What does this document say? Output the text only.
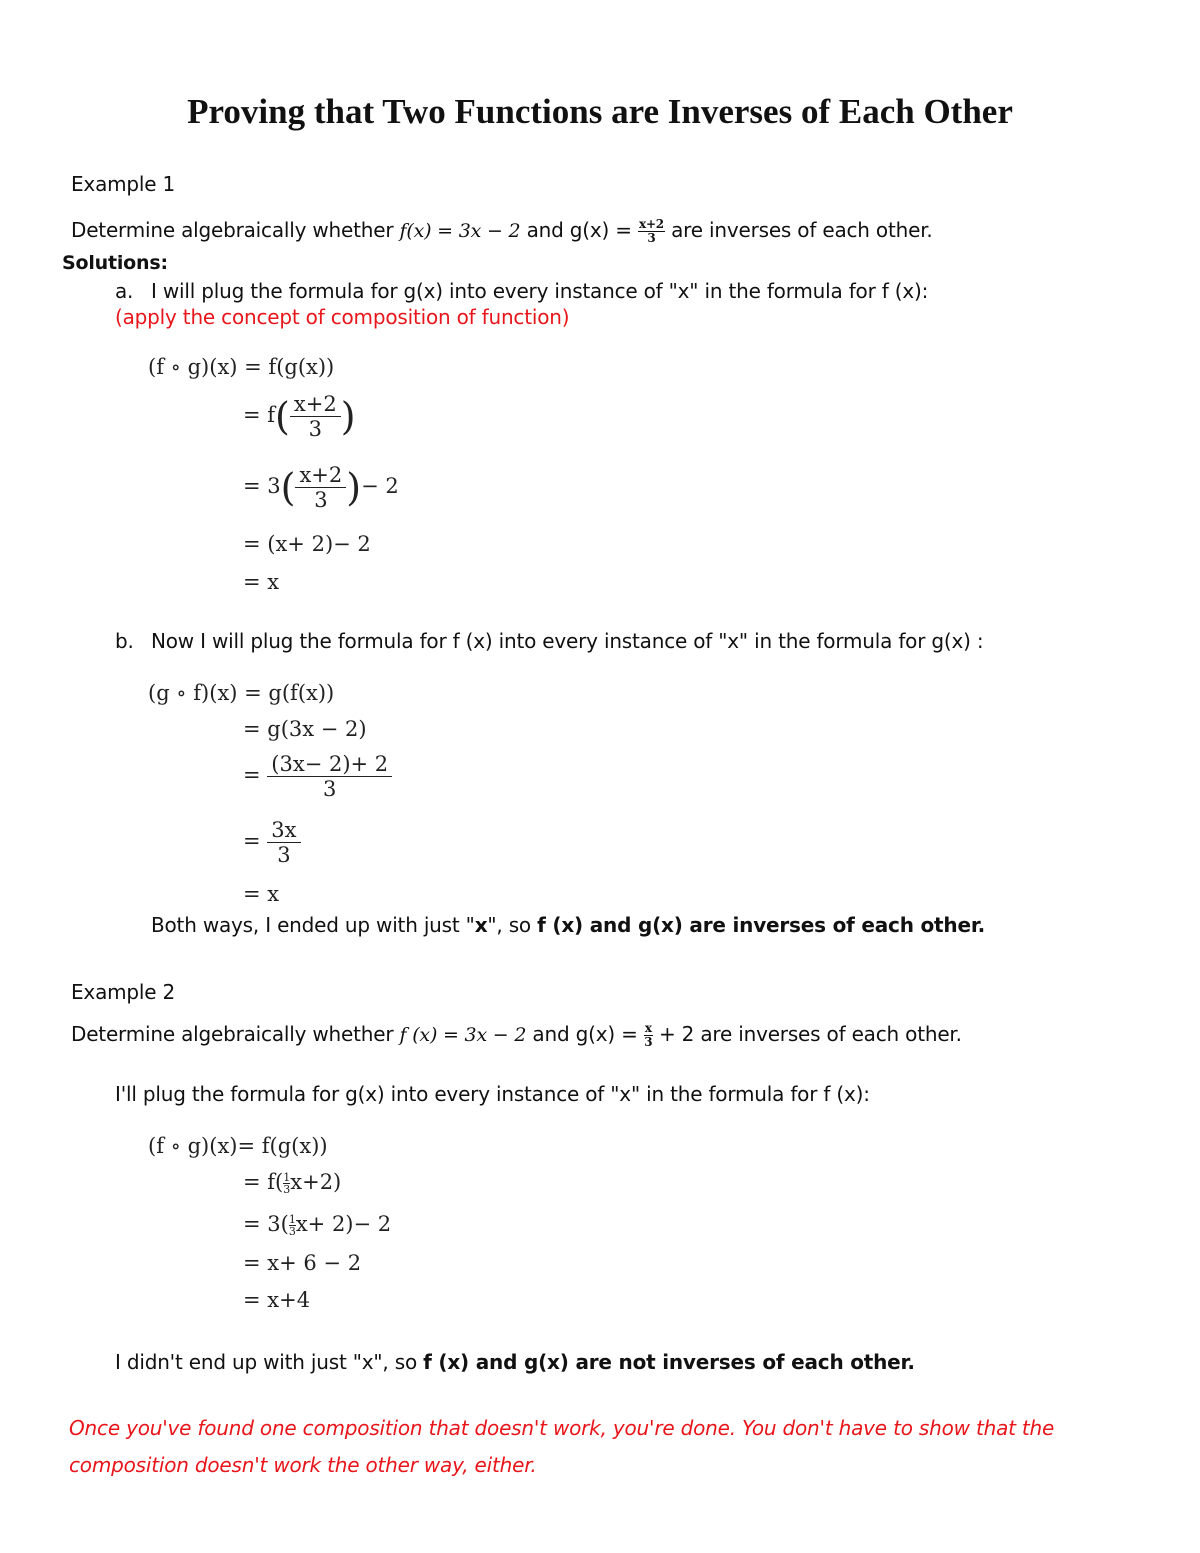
Proving that Two Functions are Inverses of Each Other
Example 1
Determine algebraically whether f(x) = 3x − 2 and $g(x) = \frac{x+2}{3}$ are inverses of each other.
Solutions:
a. I will plug the formula for g(x) into every instance of "x" in the formula for f (x):
(apply the concept of composition of function)
(f ∘ g)(x) = f(g(x))
= $f( \frac{x+2}{3}$ )
= $3( \frac{x+2}{3}$ )− 2
= (x+ 2)− 2
= x
b. Now I will plug the formula for f (x) into every instance of "x" in the formula for g(x) :
(g ∘ f)(x) = g(f(x))
= g(3x − 2)
= $\frac{(3x- 2)+ 2}{3}$
= $\frac{3x}{3}$
= x
Both ways, I ended up with just "x", so f (x) and g(x) are inverses of each other.
Example 2
Determine algebraically whether f (x) = 3x − 2 and $g(x) = \frac{x}{3} + 2$ are inverses of each other.
I'll plug the formula for g(x) into every instance of "x" in the formula for f (x):
(f ∘ g)(x)= f(g(x))
= $f( \frac{1}{3} x+2)$
= $3( \frac{1}{3} x+ 2)- 2$
= x+ 6 − 2
= x+4
I didn't end up with just "x", so f (x) and g(x) are not inverses of each other.
Once you've found one composition that doesn't work, you're done. You don't have to show that the
composition doesn't work the other way, either.
